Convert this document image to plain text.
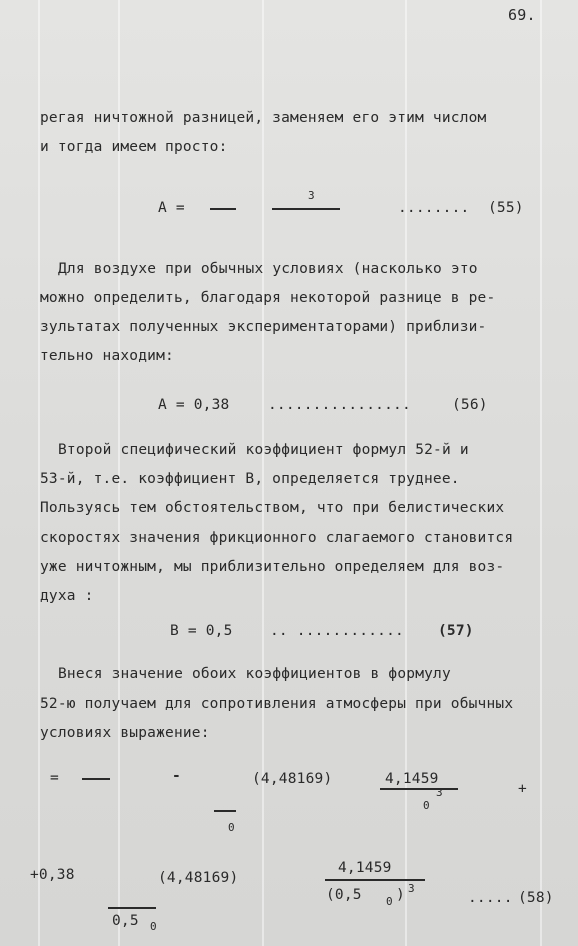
69.
регая ничтожной разницей, заменяем его этим числом
и тогда имеем просто:
A =
3
........ (55)
Для воздухе при обычных условиях (насколько это
можно определить, благодаря некоторой разнице в ре-
зультатах полученных экспериментаторами) приблизи-
тельно находим:
A = 0,38	................	(56)
Второй специфический коэффициент формул 52-й и
53-й, т.е. коэффициент В, определяется труднее.
Пользуясь тем обстоятельством, что при белистических
скоростях значения фрикционного слагаемого становится
уже ничтожным, мы приблизительно определяем для воз-
духа :
B = 0,5	.. ............ (57)
Внеся значение обоих коэффициентов в формулу
52-ю получаем для сопротивления атмосферы при обычных
условиях выражение:
=	-	(4,48169)	4,1459
3
0
+
0
+0,38	(4,48169)
4,1459
(0,5 0 ) 3
..... (58)
0,5 0
